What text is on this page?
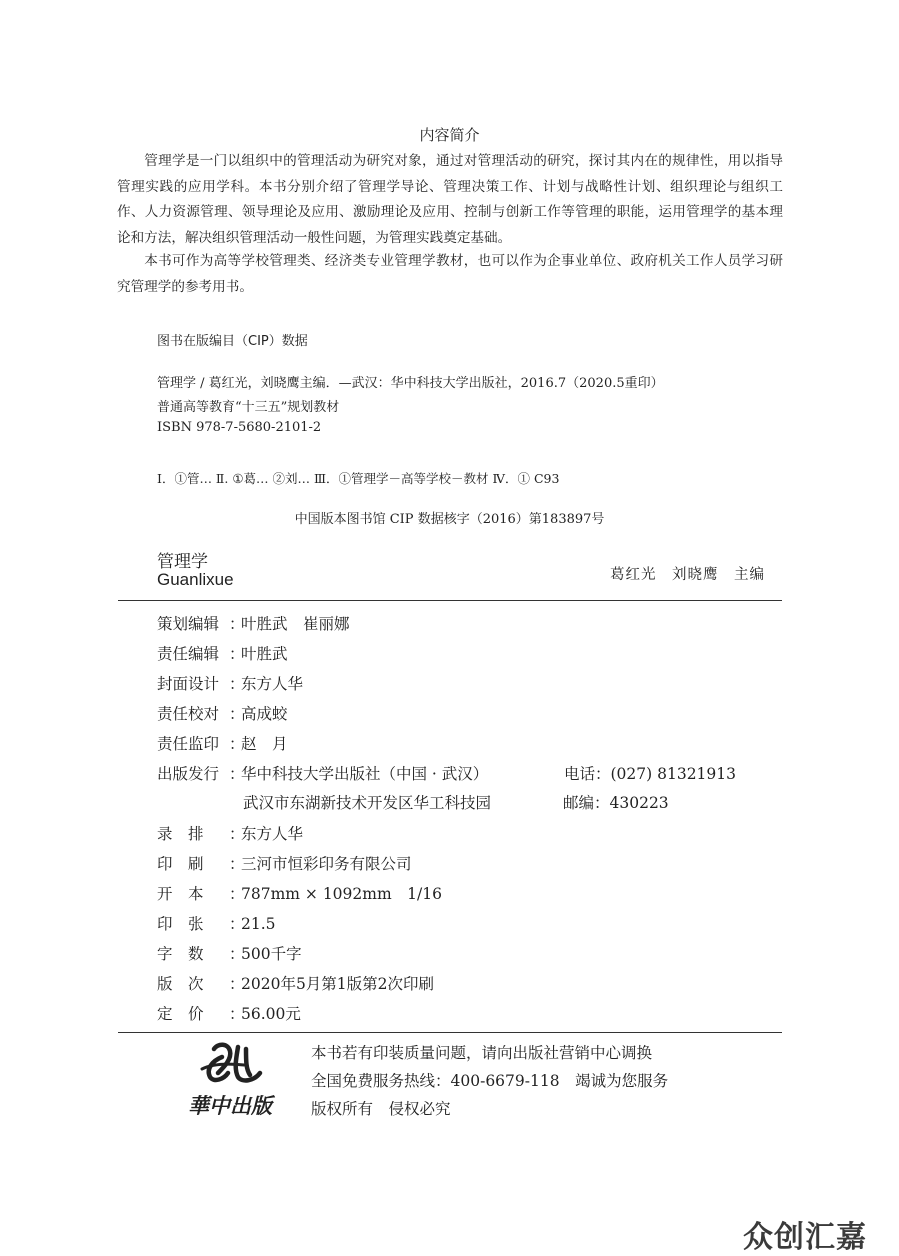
内容简介

管理学是一门以组织中的管理活动为研究对象，通过对管理活动的研究，探讨其内在的规律性，用以指导管理实践的应用学科。本书分别介绍了管理学导论、管理决策工作、计划与战略性计划、组织理论与组织工作、人力资源管理、领导理论及应用、激励理论及应用、控制与创新工作等管理的职能，运用管理学的基本理论和方法，解决组织管理活动一般性问题，为管理实践奠定基础。

本书可作为高等学校管理类、经济类专业管理学教材，也可以作为企事业单位、政府机关工作人员学习研究管理学的参考用书。

图书在版编目（CIP）数据
管理学 / 葛红光，刘晓鹰主编．—武汉：华中科技大学出版社，2016.7（2020.5重印）
普通高等教育“十三五”规划教材
ISBN 978-7-5680-2101-2
Ⅰ．①管… Ⅱ. ①葛… ②刘… Ⅲ．①管理学－高等学校－教材 Ⅳ．① C93
中国版本图书馆 CIP 数据核字（2016）第183897号
管理学
Guanlixue	葛红光　刘晓鹰　主编
策划编辑 ：
叶胜武　崔丽娜
责任编辑 ：
叶胜武
封面设计 ：
东方人华
责任校对 ：
高成蛟
责任监印 ：
赵　月
出版发行 ：
华中科技大学出版社（中国 · 武汉）	电话：(027) 81321913
武汉市东湖新技术开发区华工科技园	邮编：430223
录　排	：
东方人华
印　刷	：
三河市恒彩印务有限公司
开　本	：
787mm × 1092mm　1/16
印　张	：
21.5
字　数	：
500千字
版　次	：
2020年5月第1版第2次印刷
定　价	：
56.00元
華中出版
本书若有印装质量问题，请向出版社营销中心调换
全国免费服务热线：400-6679-118　竭诚为您服务
版权所有　侵权必究
众创汇嘉
